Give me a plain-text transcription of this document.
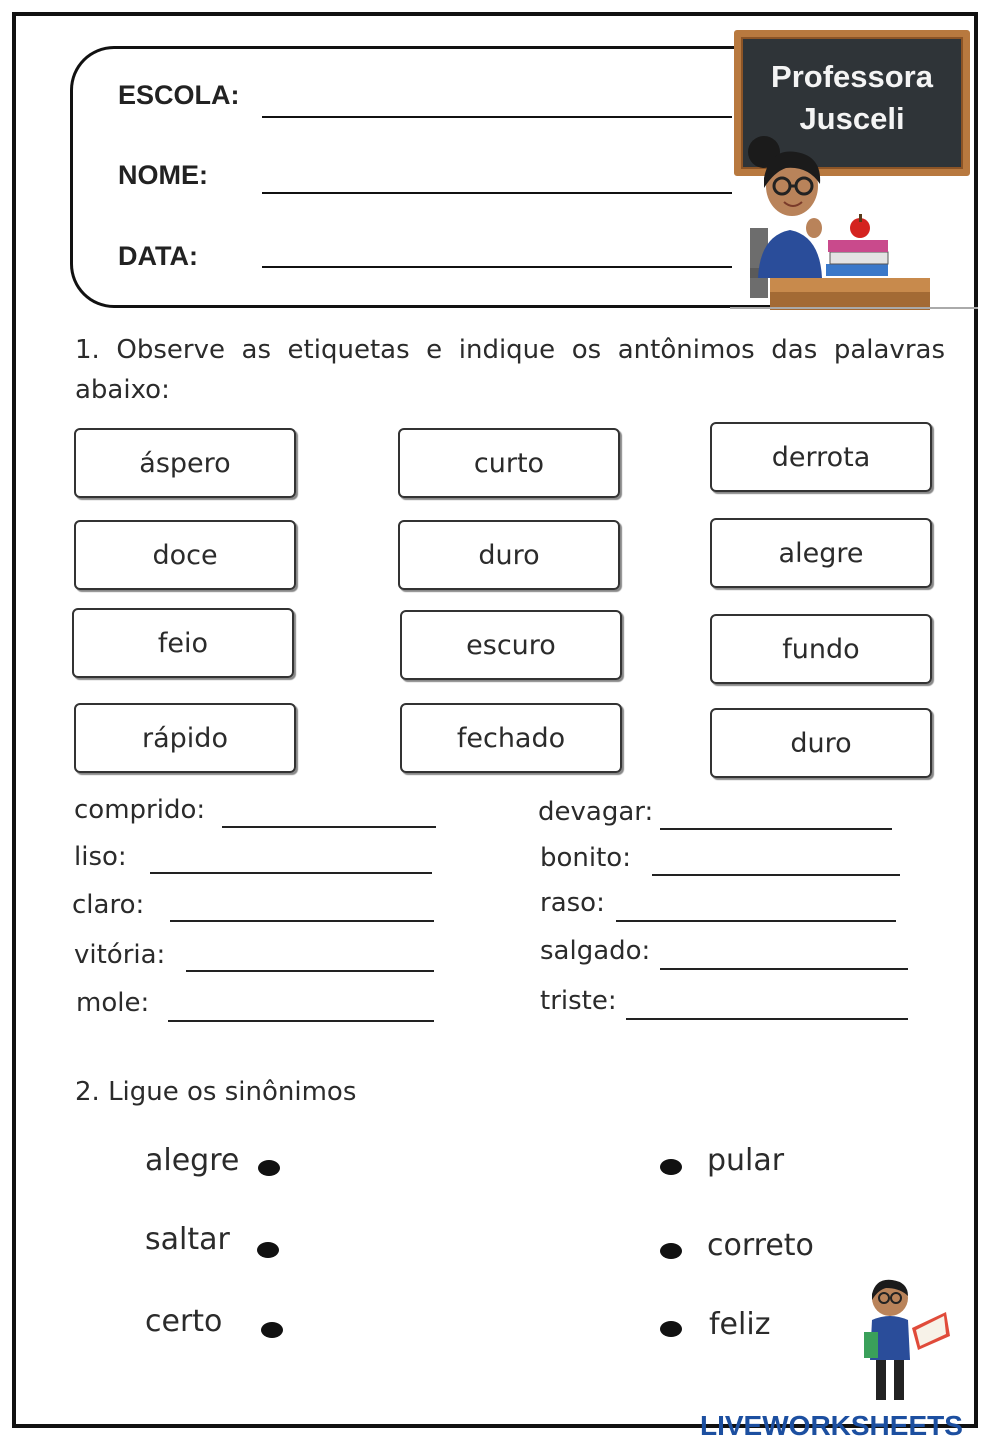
ESCOLA:
NOME:
DATA:
Professora
Jusceli
1. Observe as etiquetas e indique os antônimos das palavras abaixo:
áspero	curto	derrota
doce	duro	alegre
feio	escuro	fundo
rápido	fechado	duro
comprido:
liso:
claro:
vitória:
mole:
devagar:
bonito:
raso:
salgado:
triste:
2. Ligue os sinônimos
alegre
saltar
certo
pular
correto
feliz
LIVEWORKSHEETS
